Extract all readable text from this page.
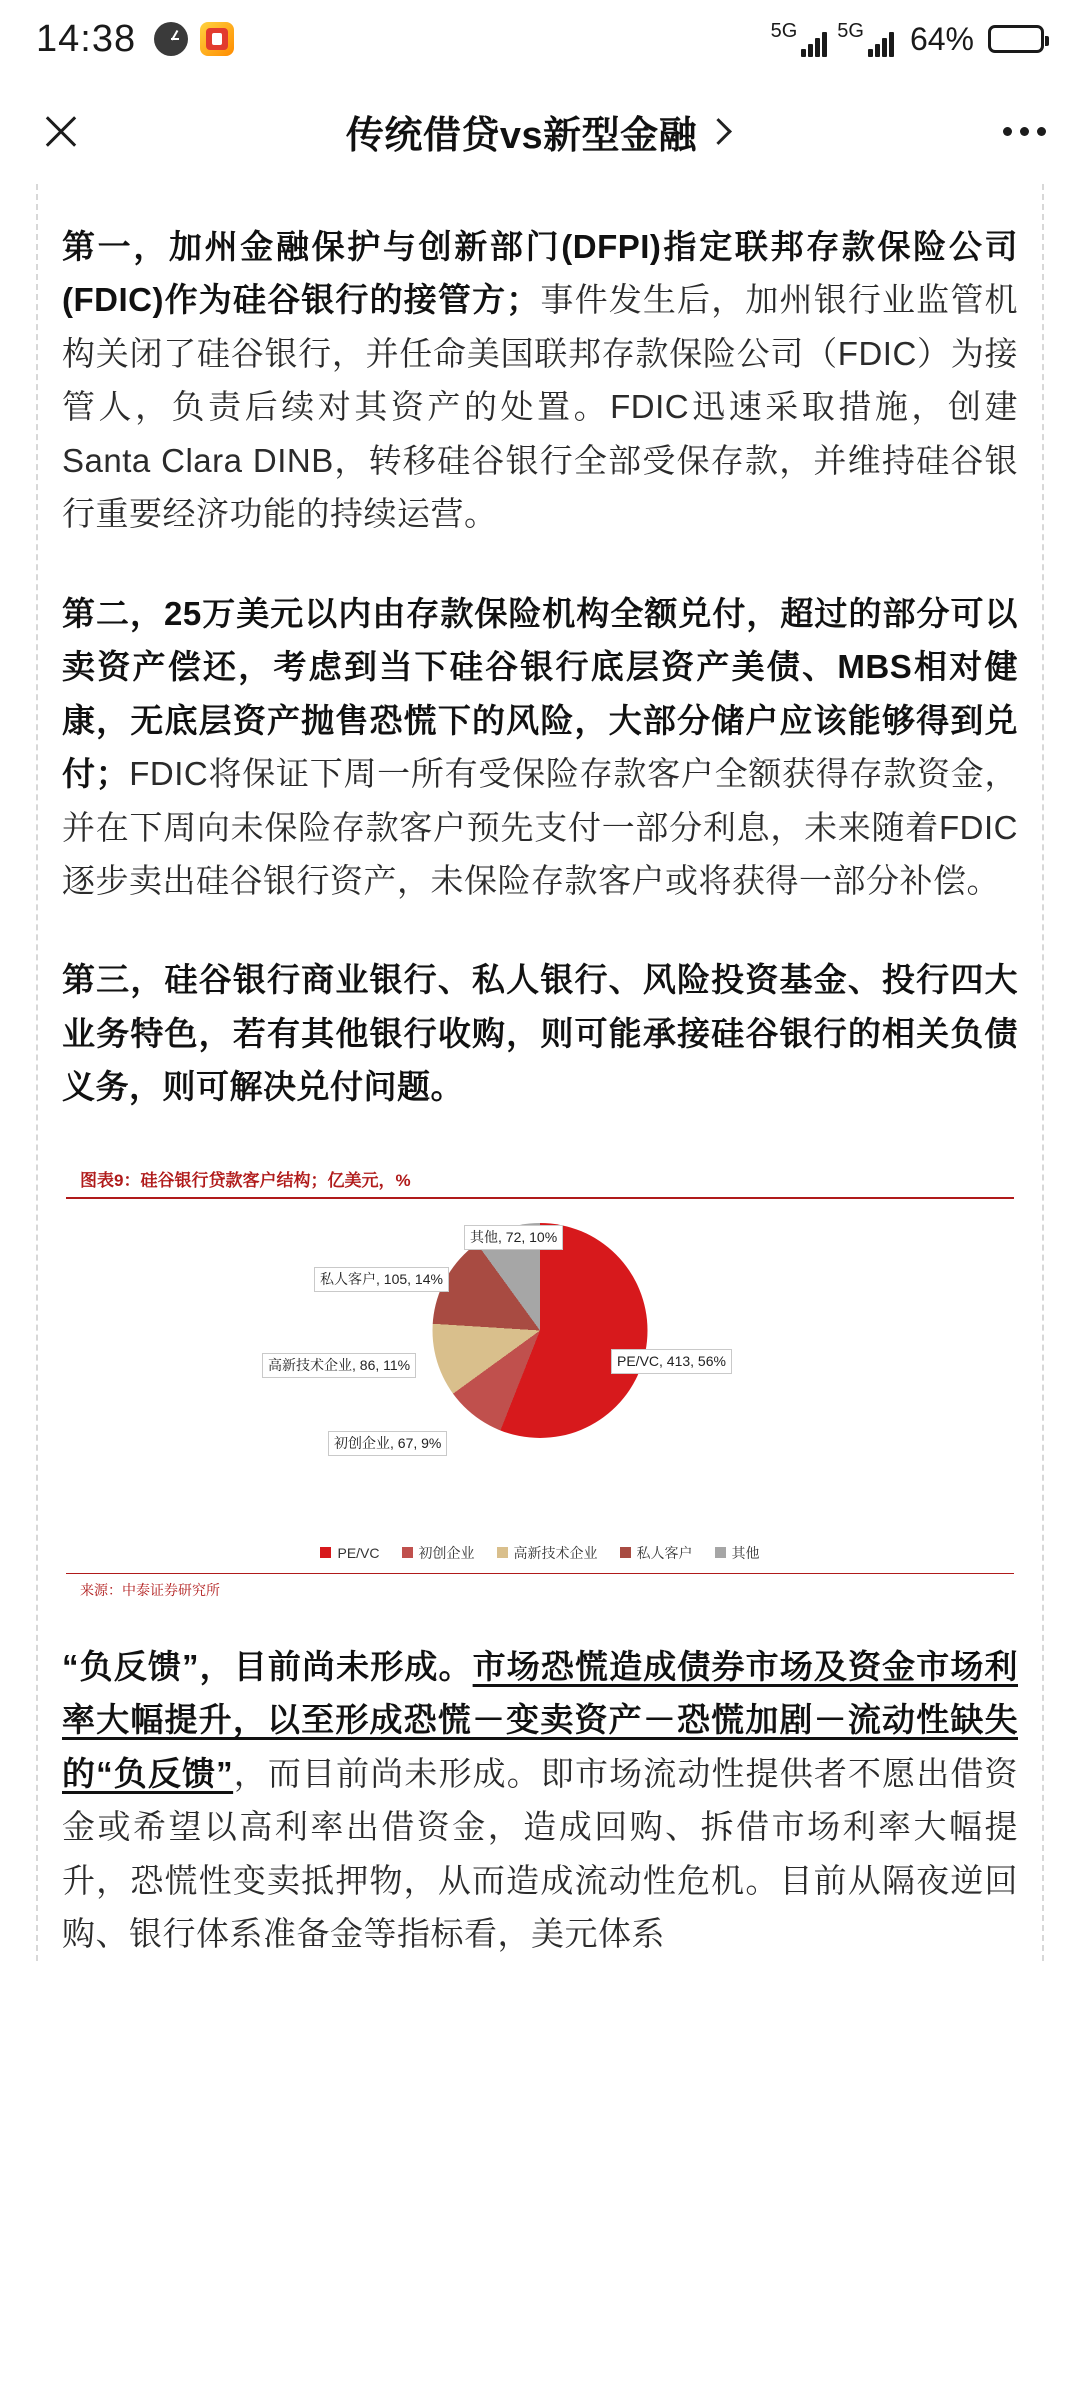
14:38	5G 5G 64%
传统借贷vs新型金融

第一，加州金融保护与创新部门(DFPI)指定联邦存款保险公司(FDIC)作为硅谷银行的接管方；事件发生后，加州银行业监管机构关闭了硅谷银行，并任命美国联邦存款保险公司（FDIC）为接管人，负责后续对其资产的处置。FDIC迅速采取措施，创建Santa Clara DINB，转移硅谷银行全部受保存款，并维持硅谷银行重要经济功能的持续运营。

第二，25万美元以内由存款保险机构全额兑付，超过的部分可以卖资产偿还，考虑到当下硅谷银行底层资产美债、MBS相对健康，无底层资产抛售恐慌下的风险，大部分储户应该能够得到兑付；FDIC将保证下周一所有受保险存款客户全额获得存款资金，并在下周向未保险存款客户预先支付一部分利息，未来随着FDIC逐步卖出硅谷银行资产，未保险存款客户或将获得一部分补偿。

第三，硅谷银行商业银行、私人银行、风险投资基金、投行四大业务特色，若有其他银行收购，则可能承接硅谷银行的相关负债义务，则可解决兑付问题。

图表9：硅谷银行贷款客户结构；亿美元，%
其他, 72, 10%
私人客户, 105, 14%
高新技术企业, 86, 11%
初创企业, 67, 9%
PE/VC, 413, 56%
PE/VC	初创企业	高新技术企业	私人客户	其他
来源：中泰证券研究所

“负反馈”，目前尚未形成。市场恐慌造成债券市场及资金市场利率大幅提升，以至形成恐慌－变卖资产－恐慌加剧－流动性缺失的“负反馈”，而目前尚未形成。即市场流动性提供者不愿出借资金或希望以高利率出借资金，造成回购、拆借市场利率大幅提升，恐慌性变卖抵押物，从而造成流动性危机。目前从隔夜逆回购、银行体系准备金等指标看，美元体系
